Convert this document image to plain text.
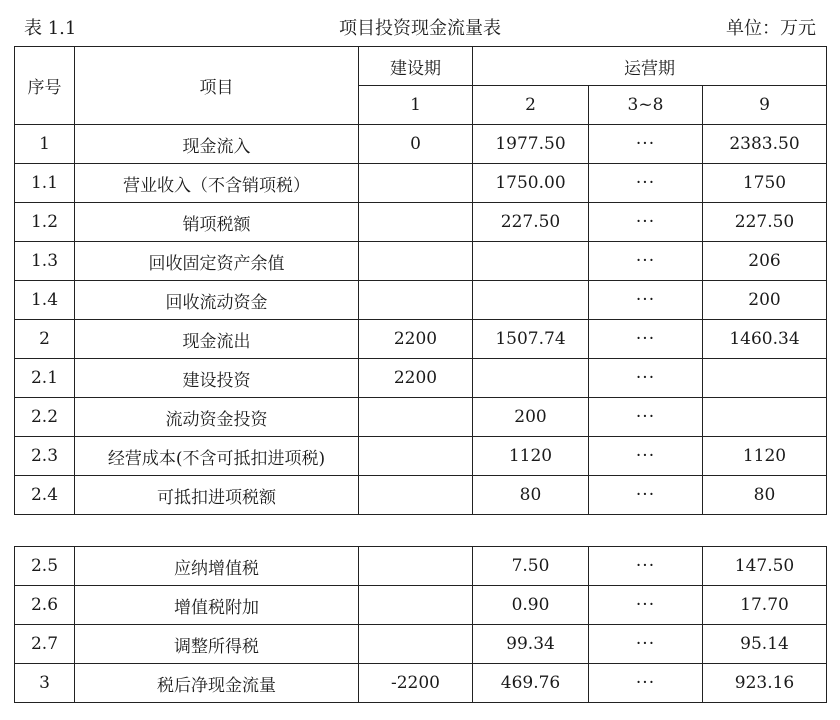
表 1.1	项目投资现金流量表	单位：万元
序号	项目	建设期	运营期		
		1	2	3~8	9
1	现金流入	0	1977.50	···	2383.50
1.1	营业收入（不含销项税）		1750.00	···	1750
1.2	销项税额		227.50	···	227.50
1.3	回收固定资产余值			···	206
1.4	回收流动资金			···	200
2	现金流出	2200	1507.74	···	1460.34
2.1	建设投资	2200		···	
2.2	流动资金投资		200	···	
2.3	经营成本(不含可抵扣进项税)		1120	···	1120
2.4	可抵扣进项税额		80	···	80
2.5	应纳增值税		7.50	···	147.50
2.6	增值税附加		0.90	···	17.70
2.7	调整所得税		99.34	···	95.14
3	税后净现金流量	-2200	469.76	···	923.16
